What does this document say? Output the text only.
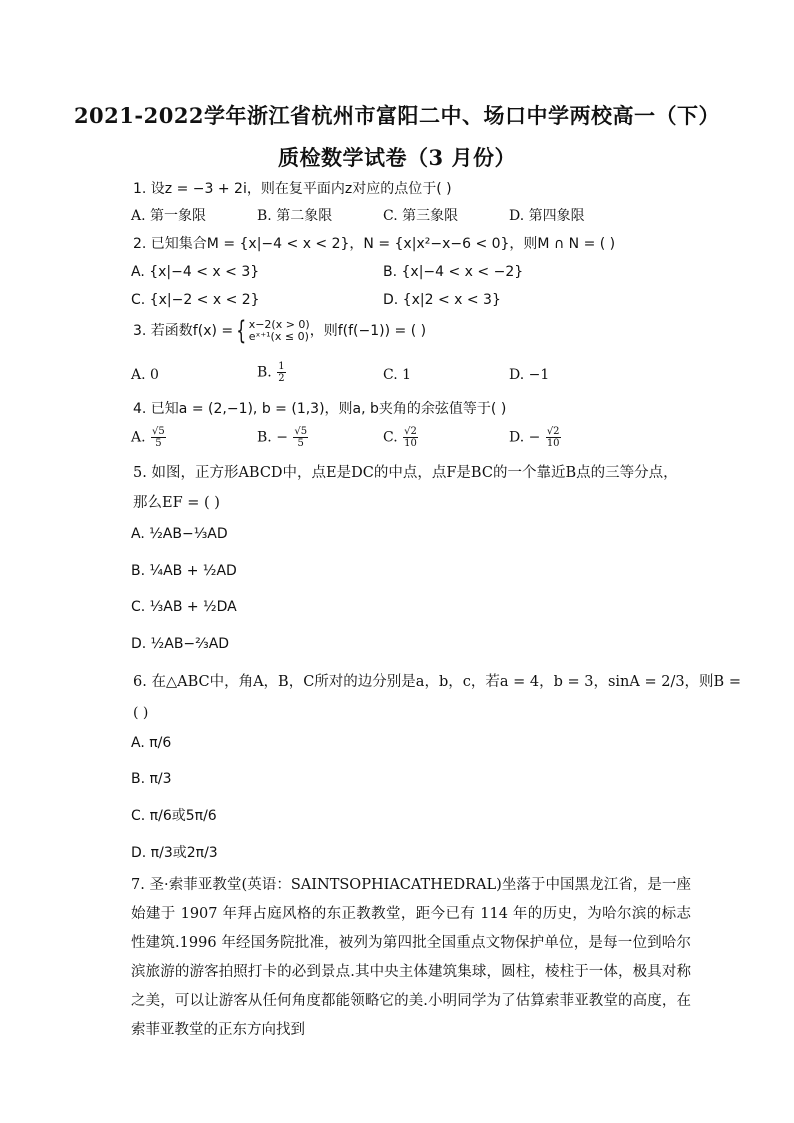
2021-2022学年浙江省杭州市富阳二中、场口中学两校高一（下）
质检数学试卷（3 月份）
1. 设z = −3 + 2i，则在复平面内z对应的点位于( )
A. 第一象限	B. 第二象限	C. 第三象限	D. 第四象限
2. 已知集合M = {x|−4 < x < 2}，N = {x|x²−x−6 < 0}，则M ∩ N = ( )
A. {x|−4 < x < 3}	B. {x|−4 < x < −2}
C. {x|−2 < x < 2}	D. {x|2 < x < 3}
3. 若函数f(x) = { x−2(x > 0)
eˣ⁺¹(x ≤ 0) ，则f(f(−1)) = ( )
A. 0	B. $\frac{1}{2}$	C. 1	D. −1
4. 已知a = (2,−1), b = (1,3)，则a, b夹角的余弦值等于( )
A. $\frac{√5}{5}$	B. − $\frac{√5}{5}$	C. $\frac{√2}{10}$	D. − $\frac{√2}{10}$
5. 如图，正方形ABCD中，点E是DC的中点，点F是BC的一个靠近B点的三等分点，
那么EF = ( )
A. ½AB−⅓AD
B. ¼AB + ½AD
C. ⅓AB + ½DA
D. ½AB−⅔AD
6. 在△ABC中，角A，B，C所对的边分别是a，b，c，若a = 4，b = 3，sinA = 2/3，则B =
( )
A. π/6
B. π/3
C. π/6或5π/6
D. π/3或2π/3
7. 圣·索菲亚教堂(英语：SAINTSOPHIACATHEDRAL)坐落于中国黑龙江省，是一座始建于 1907 年拜占庭风格的东正教教堂，距今已有 114 年的历史，为哈尔滨的标志性建筑.1996 年经国务院批准，被列为第四批全国重点文物保护单位，是每一位到哈尔滨旅游的游客拍照打卡的必到景点.其中央主体建筑集球，圆柱，棱柱于一体，极具对称之美，可以让游客从任何角度都能领略它的美.小明同学为了估算索菲亚教堂的高度，在索菲亚教堂的正东方向找到
